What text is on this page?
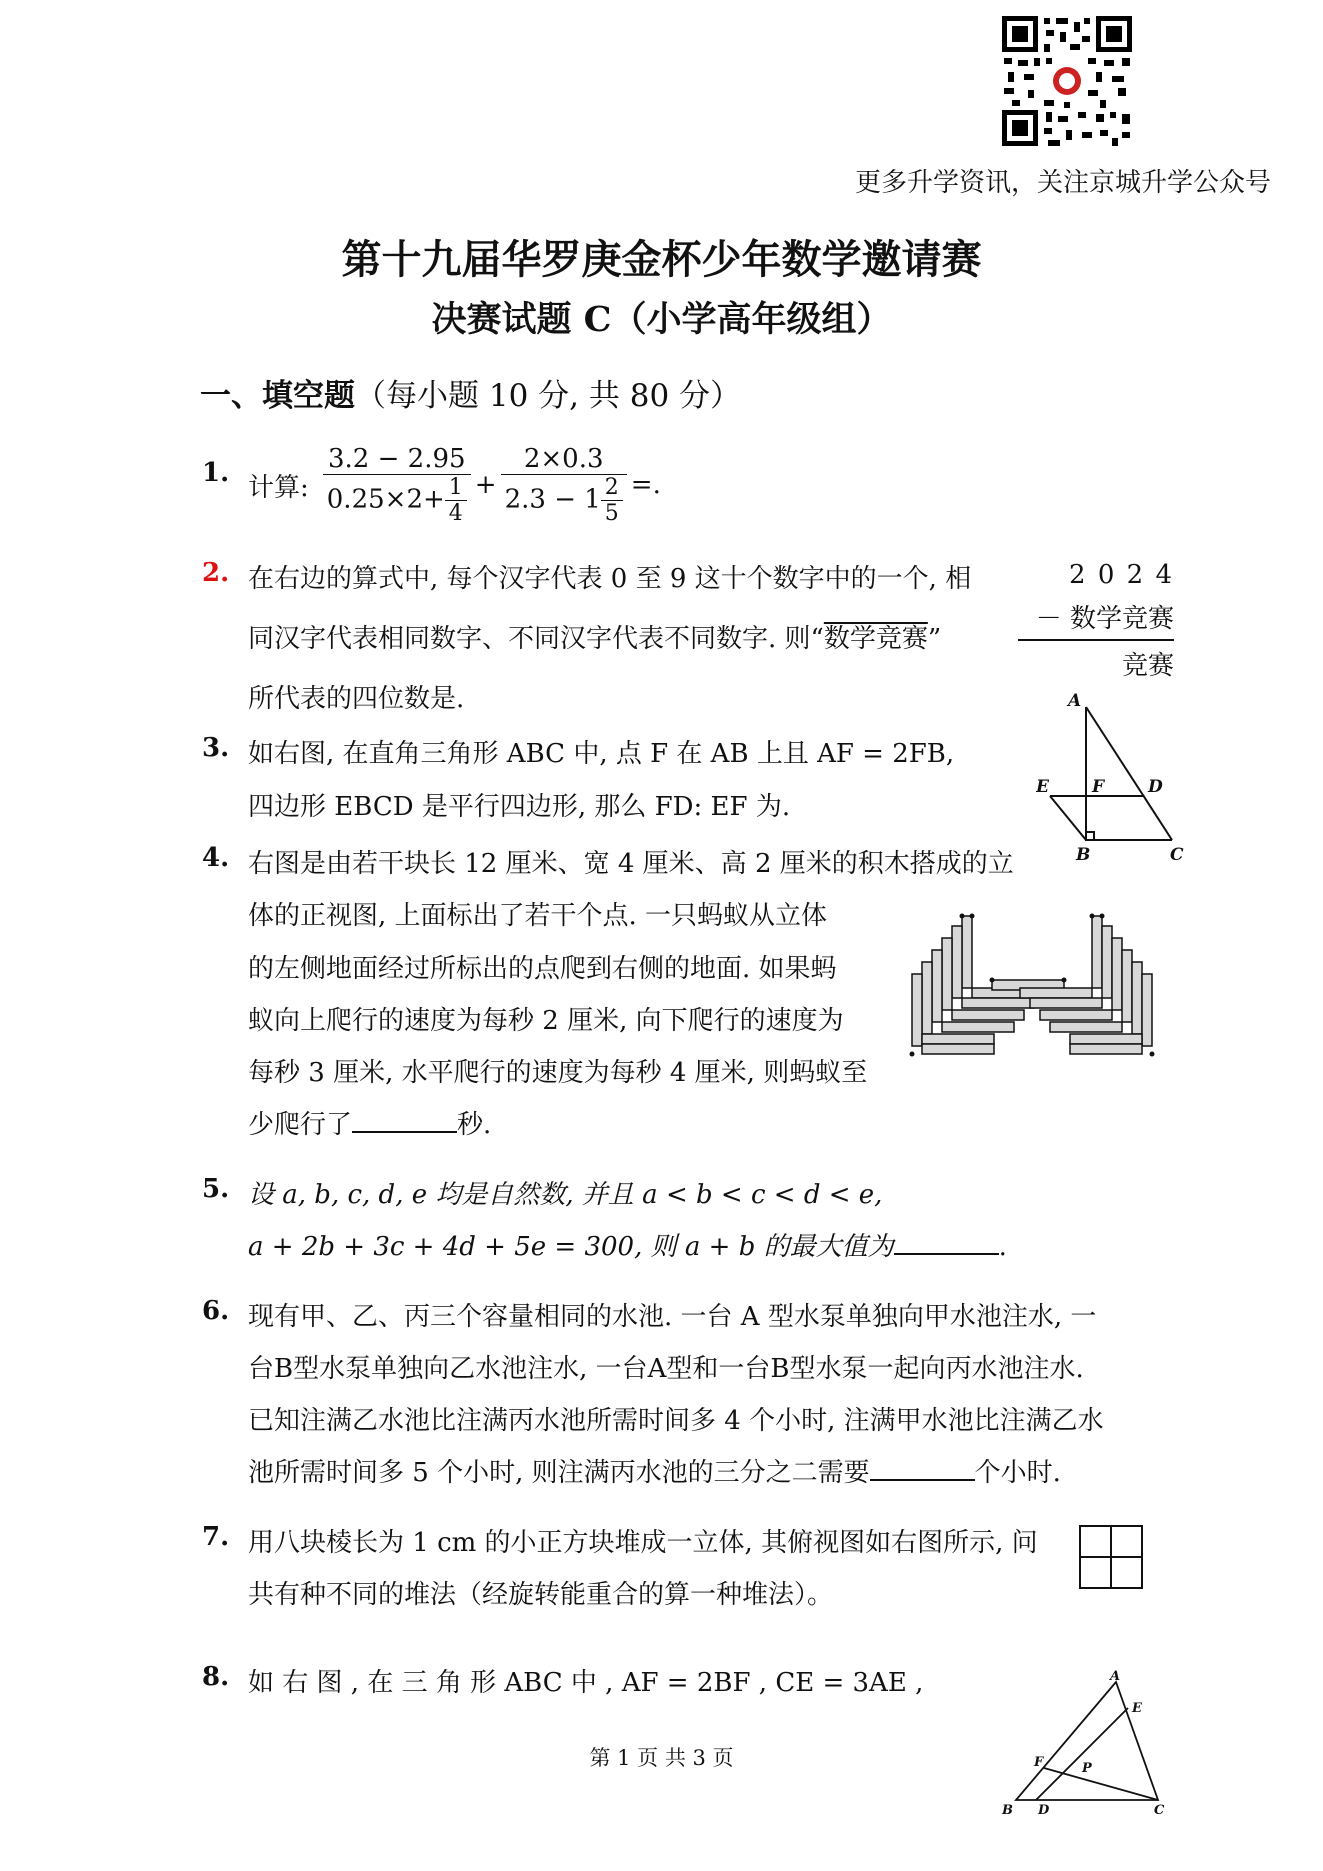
更多升学资讯，关注京城升学公众号
第十九届华罗庚金杯少年数学邀请赛
决赛试题 C（小学高年级组）
一、填空题（每小题 10 分, 共 80 分）
1. 计算: $\frac{3.2 - 2.95}{0.25\times 2+ \frac{1}{4}} + \frac{2\times 0.3}{2.3 - 1 \frac{2}{5}}$ =.
2. 在右边的算式中, 每个汉字代表 0 至 9 这十个数字中的一个, 相
同汉字代表相同数字、不同汉字代表不同数字. 则“数学竞赛”
所代表的四位数是.
2 0 2 4
－ 数学竞赛
竞赛
3. 如右图, 在直角三角形 ABC 中, 点 F 在 AB 上且 AF = 2FB,
四边形 EBCD 是平行四边形, 那么 FD: EF 为.
A
E	F	D
B	C
4. 右图是由若干块长 12 厘米、宽 4 厘米、高 2 厘米的积木搭成的立
体的正视图, 上面标出了若干个点. 一只蚂蚁从立体
的左侧地面经过所标出的点爬到右侧的地面. 如果蚂
蚁向上爬行的速度为每秒 2 厘米, 向下爬行的速度为
每秒 3 厘米, 水平爬行的速度为每秒 4 厘米, 则蚂蚁至
少爬行了	秒.
5. 设 a, b, c, d, e 均是自然数, 并且 a < b < c < d < e,
a + 2b + 3c + 4d + 5e = 300, 则 a + b 的最大值为	.
6. 现有甲、乙、丙三个容量相同的水池. 一台 A 型水泵单独向甲水池注水, 一
台B型水泵单独向乙水池注水, 一台A型和一台B型水泵一起向丙水池注水.
已知注满乙水池比注满丙水池所需时间多 4 个小时, 注满甲水池比注满乙水
池所需时间多 5 个小时, 则注满丙水池的三分之二需要	个小时.
7. 用八块棱长为 1 cm 的小正方块堆成一立体, 其俯视图如右图所示, 问
共有种不同的堆法（经旋转能重合的算一种堆法）。
8. 如 右 图 , 在 三 角 形 ABC 中 , AF = 2BF , CE = 3AE ,	A
E
F	P
B D	C
第 1 页 共 3 页
